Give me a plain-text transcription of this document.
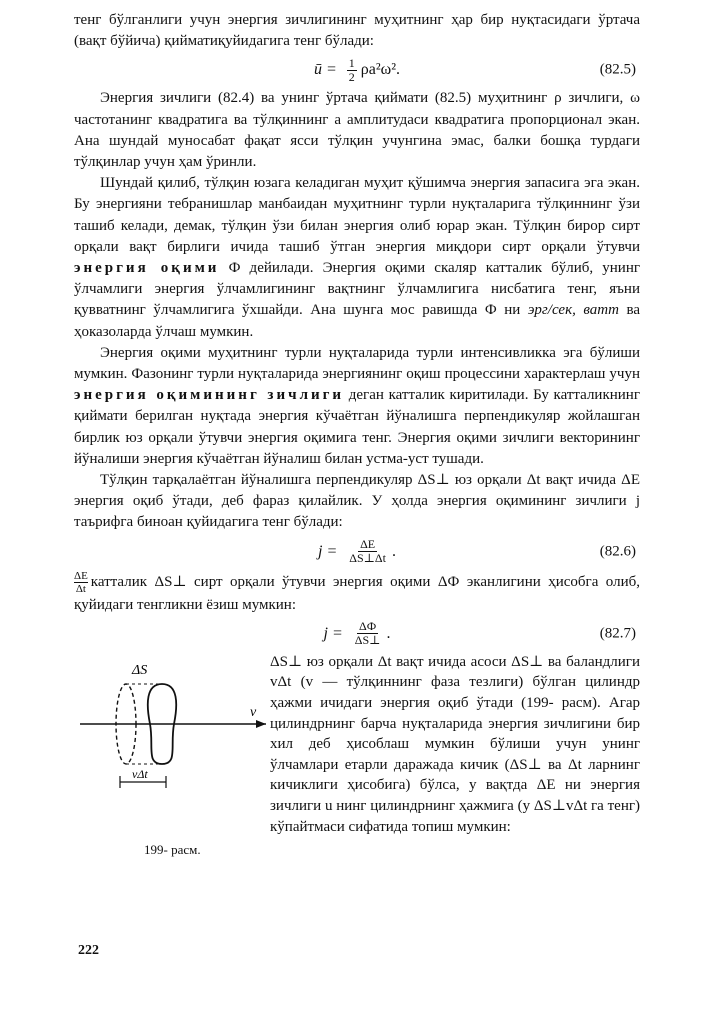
тенг бўлганлиги учун энергия зичлигининг муҳитнинг ҳар бир нуқтасидаги ўртача (вақт бўйича) қийматиқуйидагига тенг бўлади:

ū = $\frac{1}{2} \rho a^2\omega^2$.	(82.5)

Энергия зичлиги (82.4) ва унинг ўртача қиймати (82.5) муҳитнинг ρ зичлиги, ω частотанинг квадратига ва тўлқиннинг a амплитудаси квадратига пропорционал экан. Ана шундай муносабат фақат ясси тўлқин учунгина эмас, балки бошқа турдаги тўлқинлар учун ҳам ўринли.

Шундай қилиб, тўлқин юзага келадиган муҳит қўшимча энергия запасига эга экан. Бу энергияни тебранишлар манбаидан муҳитнинг турли нуқталарига тўлқиннинг ўзи ташиб келади, демак, тўлқин ўзи билан энергия олиб юрар экан. Тўлқин бирор сирт орқали вақт бирлиги ичида ташиб ўтган энергия миқдори сирт орқали ўтувчи энергия оқими Ф дейилади. Энергия оқими скаляр катталик бўлиб, унинг ўлчамлиги энергия ўлчамлигининг вақтнинг ўлчамлигига нисбатига тенг, яъни қувватнинг ўлчамлигига ўхшайди. Ана шунга мос равишда Ф ни эрг/сек, ватт ва ҳоказоларда ўлчаш мумкин.

Энергия оқими муҳитнинг турли нуқталарида турли интенсивликка эга бўлиши мумкин. Фазонинг турли нуқталарида энергиянинг оқиш процессини характерлаш учун энергия оқимининг зичлиги деган катталик киритилади. Бу катталикнинг қиймати берилган нуқтада энергия кўчаётган йўналишга перпендикуляр жойлашган бирлик юз орқали ўтувчи энергия оқимига тенг. Энергия оқими зичлиги векторининг йўналиши энергия кўчаётган йўналиш билан устма-уст тушади.

Тўлқин тарқалаётган йўналишга перпендикуляр ΔS⊥ юз орқали Δt вақт ичида ΔE энергия оқиб ўтади, деб фараз қилайлик. У ҳолда энергия оқимининг зичлиги j таърифга биноан қуйидагига тенг бўлади:

$j = \frac{\Delta E}{\Delta S\perp\Delta t}$ .	(82.6)

$\frac{\Delta E}{\Delta t}$ катталик ΔS⊥ сирт орқали ўтувчи энергия оқими ΔФ эканлигини ҳисобга олиб, қуйидаги тенгликни ёзиш мумкин:

$j = \frac{\Delta Ф}{\Delta S\perp}$ .	(82.7)
ΔS
vΔt
v
199- расм.

ΔS⊥ юз орқали Δt вақт ичида асоси ΔS⊥ ва баландлиги vΔt (v — тўлқиннинг фаза тезлиги) бўлган цилиндр ҳажми ичидаги энергия оқиб ўтади (199- расм). Агар цилиндрнинг барча нуқталарида энергия зичлигини бир хил деб ҳисоблаш мумкин бўлиши учун унинг ўлчамлари етарли даражада кичик (ΔS⊥ ва Δt ларнинг кичиклиги ҳисобига) бўлса, у вақтда ΔE ни энергия зичлиги u нинг цилиндрнинг ҳажмига (у ΔS⊥vΔt га тенг) кўпайтмаси сифатида топиш мумкин:

222
